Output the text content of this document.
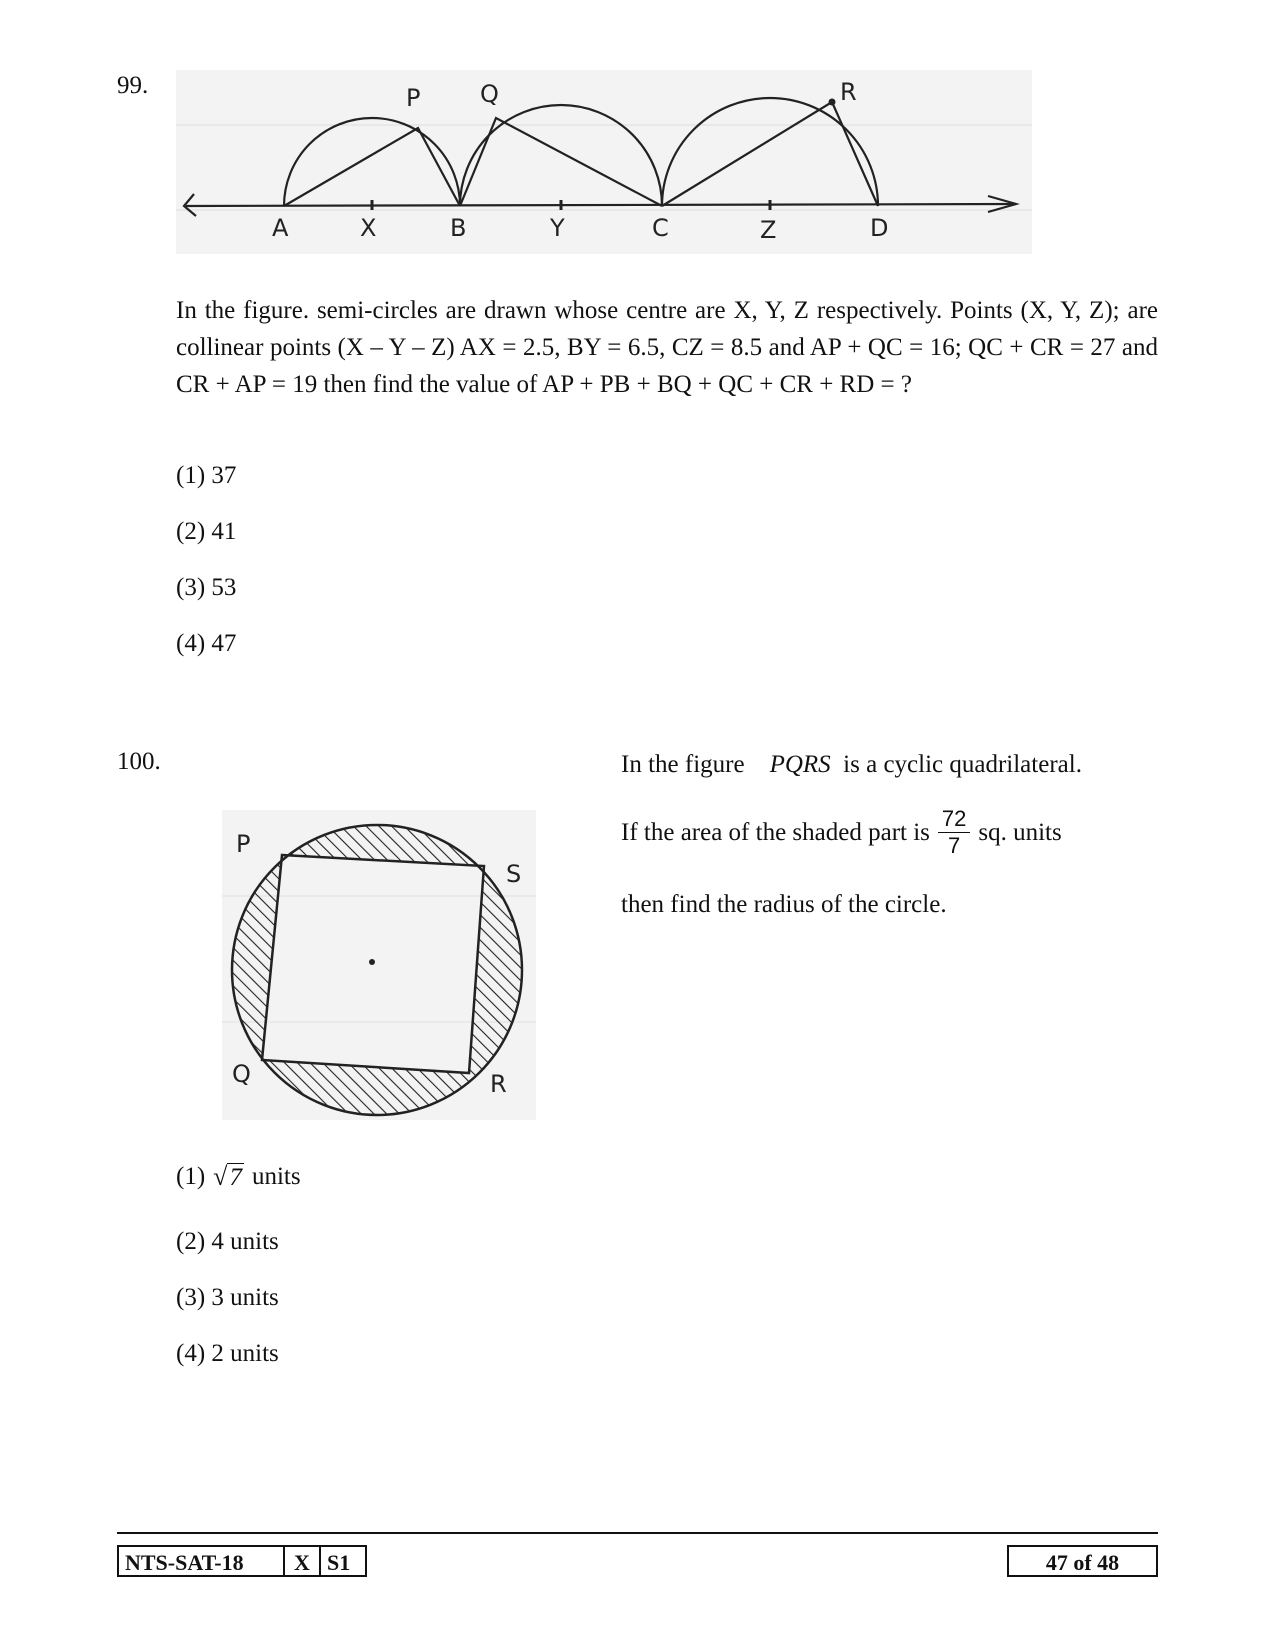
99.	P Q	R
A	X	B	Y	C	Z	D
In the figure. semi-circles are drawn whose centre are X, Y, Z respectively. Points (X, Y, Z); are collinear points (X – Y – Z) AX = 2.5, BY = 6.5, CZ = 8.5 and AP + QC = 16; QC + CR = 27 and CR + AP = 19 then find the value of AP + PB + BQ + QC + CR + RD = ?
(1) 37
(2) 41
(3) 53
(4) 47
100.	In the figure PQRS is a cyclic quadrilateral.
If the area of the shaded part is $\frac{72}{7}$ sq. units
then find the radius of the circle.
P
S
Q	R
(1) √7 units
(2) 4 units
(3) 3 units
(4) 2 units
NTS-SAT-18	X S1	47 of 48
